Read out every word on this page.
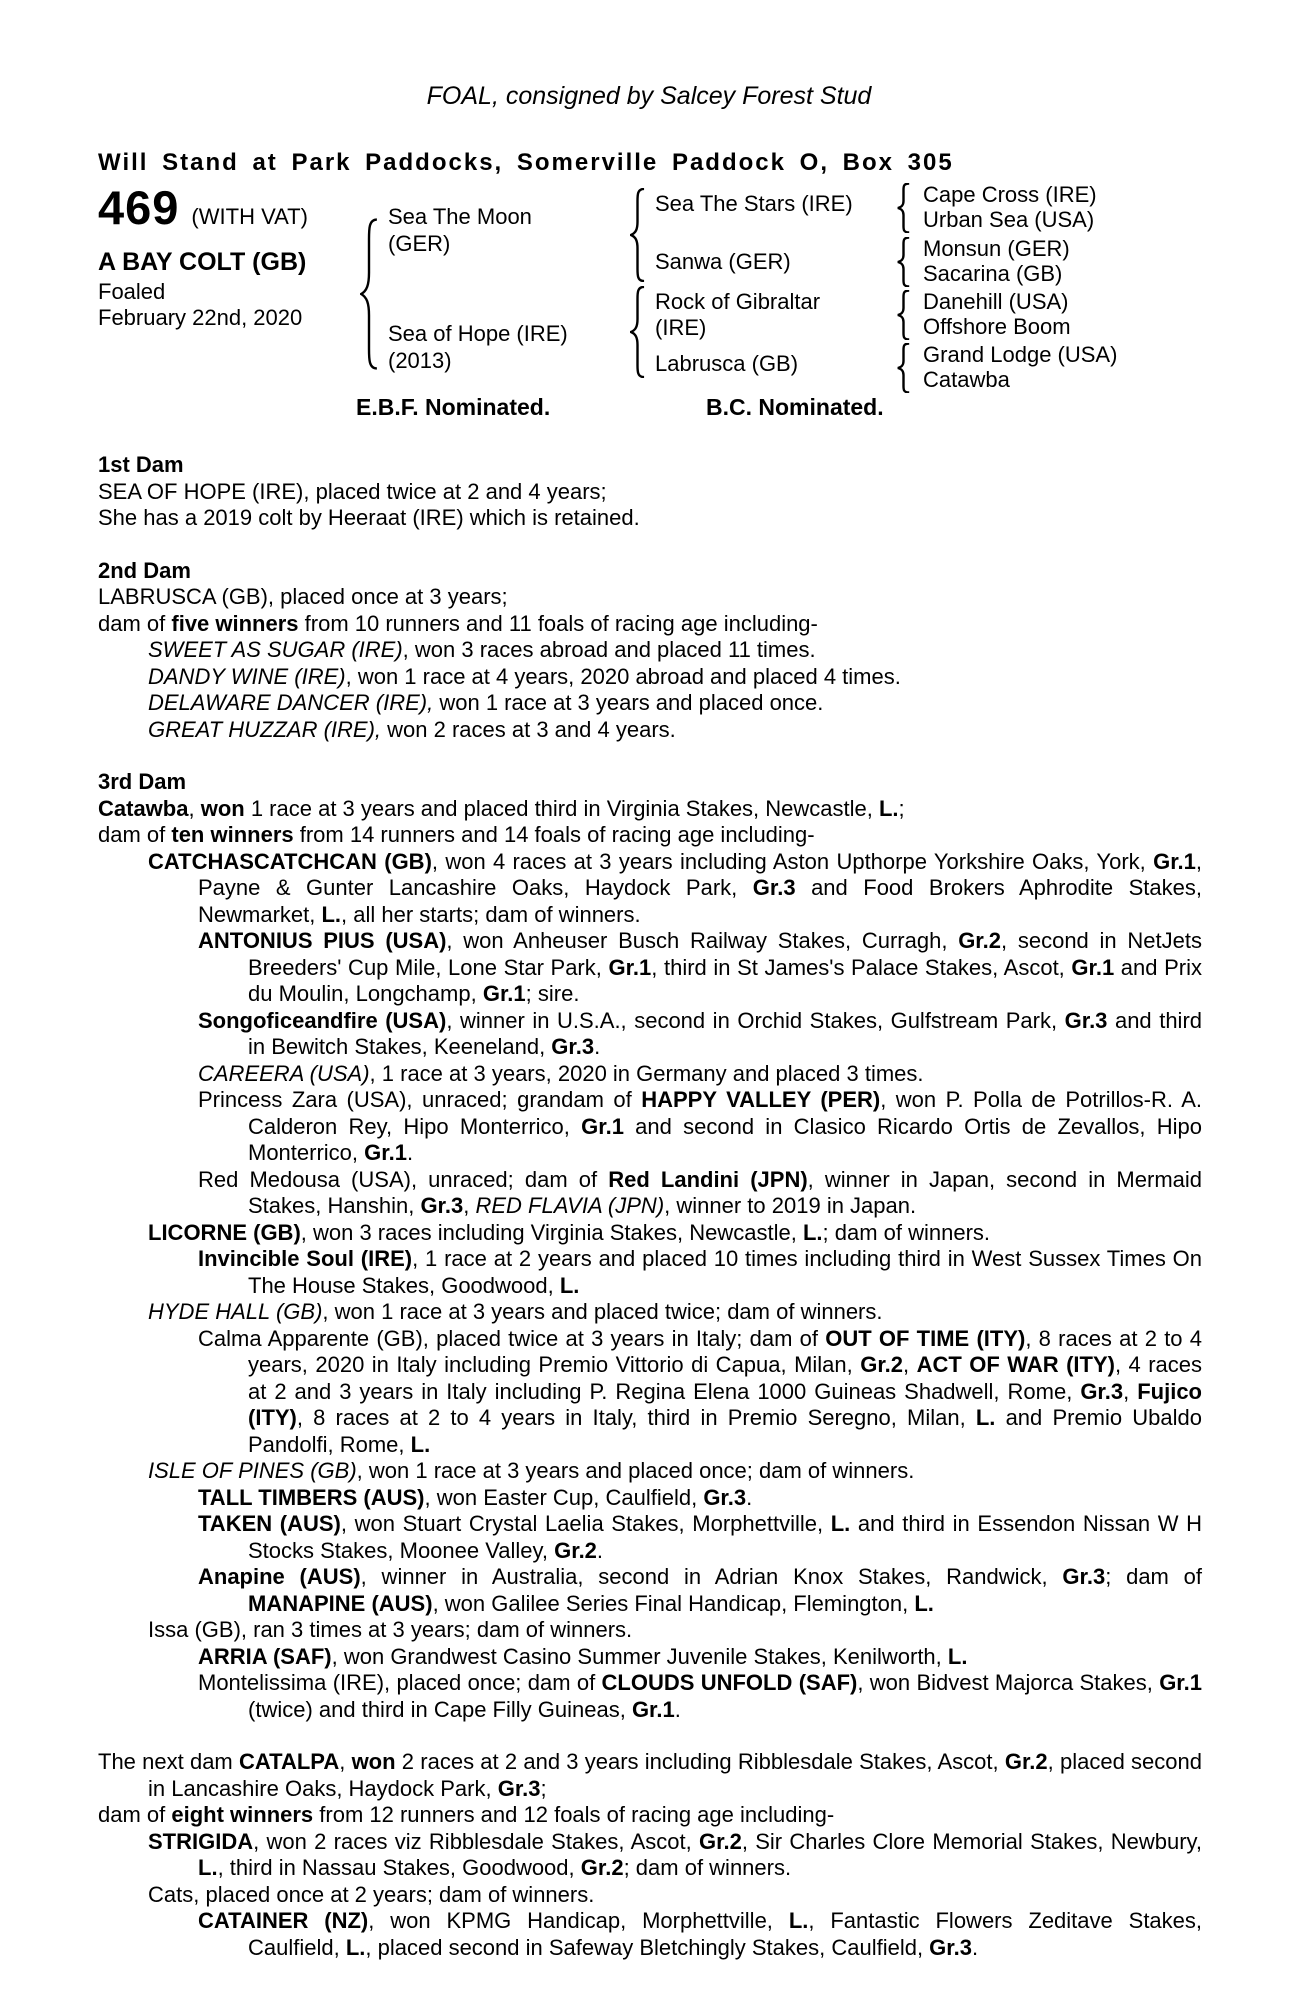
FOAL, consigned by Salcey Forest Stud
Will Stand at Park Paddocks, Somerville Paddock O, Box 305
469 (WITH VAT)
A BAY COLT (GB)
Foaled
February 22nd, 2020
Sea The Moon
(GER)
Sea of Hope (IRE)
(2013)
Sea The Stars (IRE)
Sanwa (GER)
Rock of Gibraltar
(IRE)
Labrusca (GB)
Cape Cross (IRE)
Urban Sea (USA)
Monsun (GER)
Sacarina (GB)
Danehill (USA)
Offshore Boom
Grand Lodge (USA)
Catawba
E.B.F. Nominated.	B.C. Nominated.
1st Dam

SEA OF HOPE (IRE), placed twice at 2 and 4 years;

She has a 2019 colt by Heeraat (IRE) which is retained.

2nd Dam

LABRUSCA (GB), placed once at 3 years;

dam of five winners from 10 runners and 11 foals of racing age including-

SWEET AS SUGAR (IRE), won 3 races abroad and placed 11 times.

DANDY WINE (IRE), won 1 race at 4 years, 2020 abroad and placed 4 times.

DELAWARE DANCER (IRE), won 1 race at 3 years and placed once.

GREAT HUZZAR (IRE), won 2 races at 3 and 4 years.

3rd Dam

Catawba, won 1 race at 3 years and placed third in Virginia Stakes, Newcastle, L.;

dam of ten winners from 14 runners and 14 foals of racing age including-

CATCHASCATCHCAN (GB), won 4 races at 3 years including Aston Upthorpe Yorkshire Oaks, York, Gr.1, Payne & Gunter Lancashire Oaks, Haydock Park, Gr.3 and Food Brokers Aphrodite Stakes, Newmarket, L., all her starts; dam of winners.

ANTONIUS PIUS (USA), won Anheuser Busch Railway Stakes, Curragh, Gr.2, second in NetJets Breeders' Cup Mile, Lone Star Park, Gr.1, third in St James's Palace Stakes, Ascot, Gr.1 and Prix du Moulin, Longchamp, Gr.1; sire.

Songoficeandfire (USA), winner in U.S.A., second in Orchid Stakes, Gulfstream Park, Gr.3 and third in Bewitch Stakes, Keeneland, Gr.3.

CAREERA (USA), 1 race at 3 years, 2020 in Germany and placed 3 times.

Princess Zara (USA), unraced; grandam of HAPPY VALLEY (PER), won P. Polla de Potrillos-R. A. Calderon Rey, Hipo Monterrico, Gr.1 and second in Clasico Ricardo Ortis de Zevallos, Hipo Monterrico, Gr.1.

Red Medousa (USA), unraced; dam of Red Landini (JPN), winner in Japan, second in Mermaid Stakes, Hanshin, Gr.3, RED FLAVIA (JPN), winner to 2019 in Japan.

LICORNE (GB), won 3 races including Virginia Stakes, Newcastle, L.; dam of winners.

Invincible Soul (IRE), 1 race at 2 years and placed 10 times including third in West Sussex Times On The House Stakes, Goodwood, L.

HYDE HALL (GB), won 1 race at 3 years and placed twice; dam of winners.

Calma Apparente (GB), placed twice at 3 years in Italy; dam of OUT OF TIME (ITY), 8 races at 2 to 4 years, 2020 in Italy including Premio Vittorio di Capua, Milan, Gr.2, ACT OF WAR (ITY), 4 races at 2 and 3 years in Italy including P. Regina Elena 1000 Guineas Shadwell, Rome, Gr.3, Fujico (ITY), 8 races at 2 to 4 years in Italy, third in Premio Seregno, Milan, L. and Premio Ubaldo Pandolfi, Rome, L.

ISLE OF PINES (GB), won 1 race at 3 years and placed once; dam of winners.

TALL TIMBERS (AUS), won Easter Cup, Caulfield, Gr.3.

TAKEN (AUS), won Stuart Crystal Laelia Stakes, Morphettville, L. and third in Essendon Nissan W H Stocks Stakes, Moonee Valley, Gr.2.

Anapine (AUS), winner in Australia, second in Adrian Knox Stakes, Randwick, Gr.3; dam of MANAPINE (AUS), won Galilee Series Final Handicap, Flemington, L.

Issa (GB), ran 3 times at 3 years; dam of winners.

ARRIA (SAF), won Grandwest Casino Summer Juvenile Stakes, Kenilworth, L.

Montelissima (IRE), placed once; dam of CLOUDS UNFOLD (SAF), won Bidvest Majorca Stakes, Gr.1 (twice) and third in Cape Filly Guineas, Gr.1.

The next dam CATALPA, won 2 races at 2 and 3 years including Ribblesdale Stakes, Ascot, Gr.2, placed second in Lancashire Oaks, Haydock Park, Gr.3;

dam of eight winners from 12 runners and 12 foals of racing age including-

STRIGIDA, won 2 races viz Ribblesdale Stakes, Ascot, Gr.2, Sir Charles Clore Memorial Stakes, Newbury, L., third in Nassau Stakes, Goodwood, Gr.2; dam of winners.

Cats, placed once at 2 years; dam of winners.

CATAINER (NZ), won KPMG Handicap, Morphettville, L., Fantastic Flowers Zeditave Stakes, Caulfield, L., placed second in Safeway Bletchingly Stakes, Caulfield, Gr.3.
